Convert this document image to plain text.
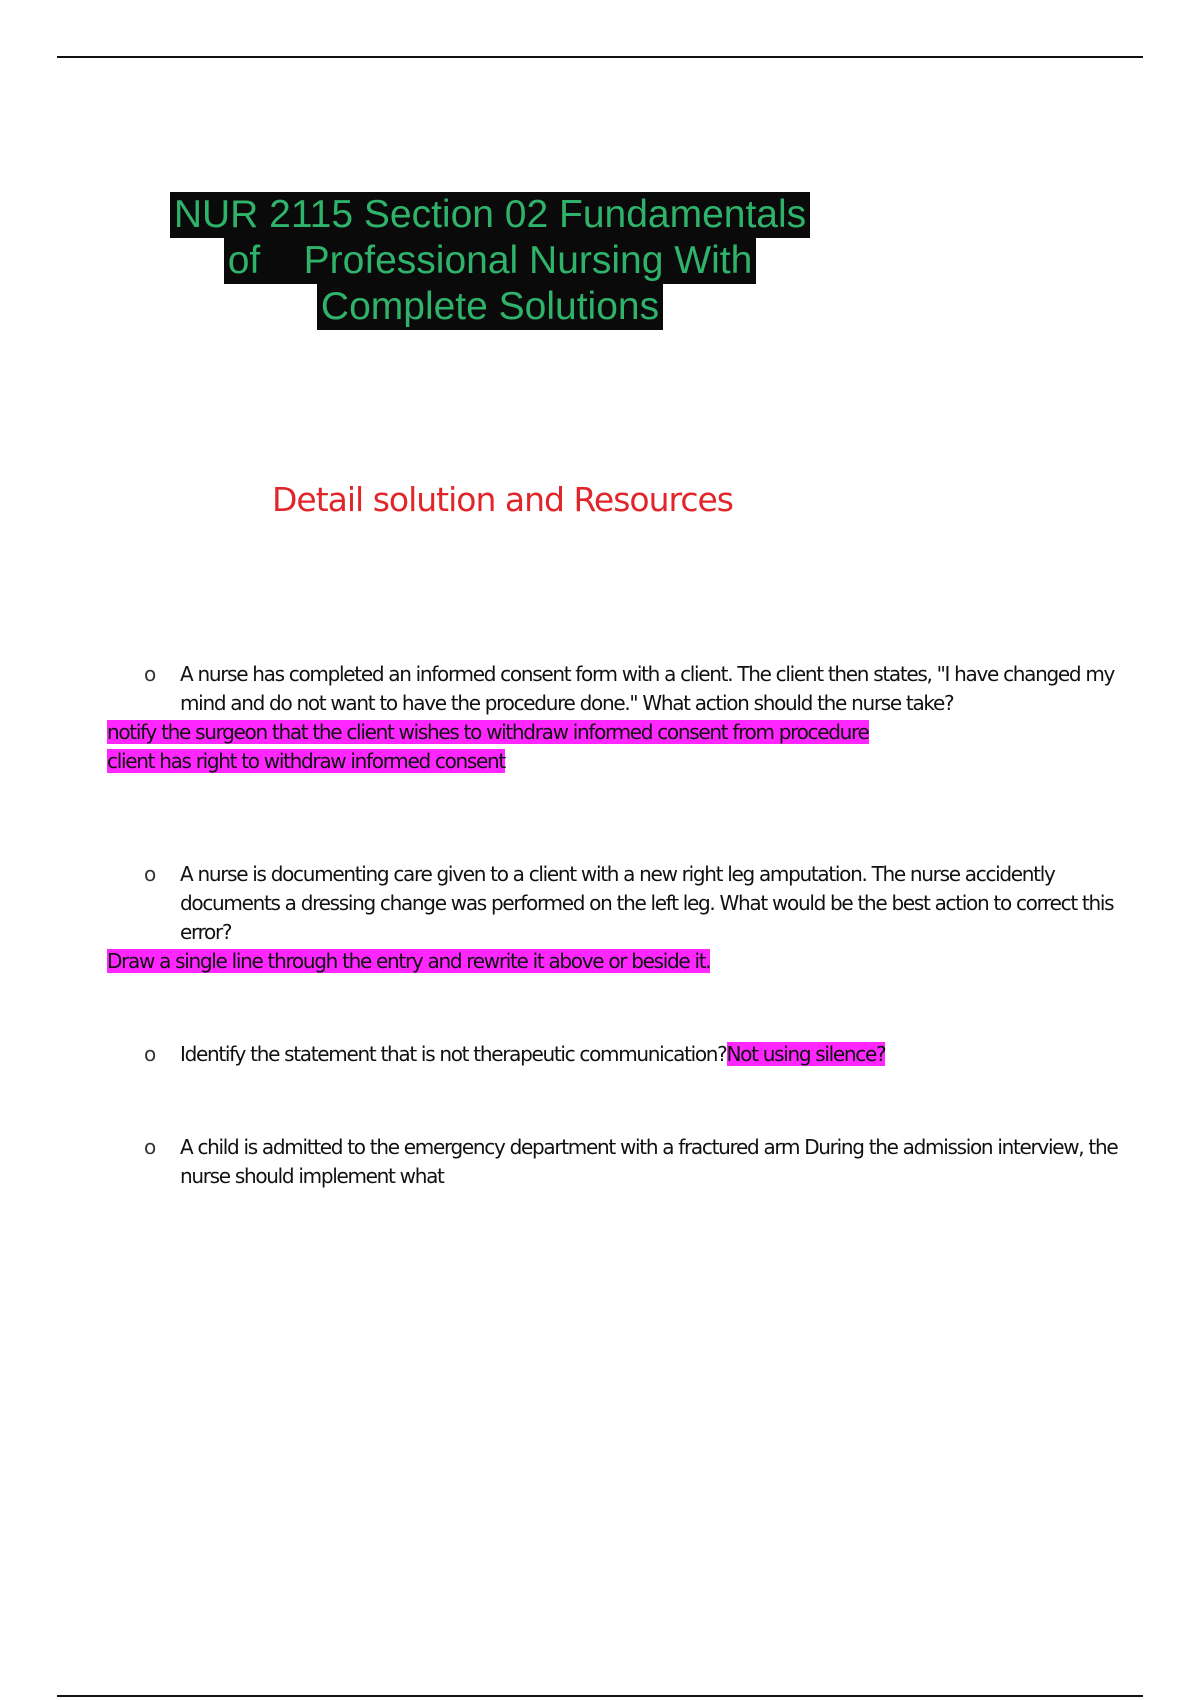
NUR 2115 Section 02 Fundamentals
of    Professional Nursing With
Complete Solutions
Detail solution and Resources
o A nurse has completed an informed consent form with a client. The client then states, "I have changed my mind and do not want to have the procedure done." What action should the nurse take?
notify the surgeon that the client wishes to withdraw informed consent from procedure
client has right to withdraw informed consent
o A nurse is documenting care given to a client with a new right leg amputation. The nurse accidently documents a dressing change was performed on the left leg. What would be the best action to correct this error?
Draw a single line through the entry and rewrite it above or beside it.
o Identify the statement that is not therapeutic communication?Not using silence?
o A child is admitted to the emergency department with a fractured arm During the admission interview, the nurse should implement what
